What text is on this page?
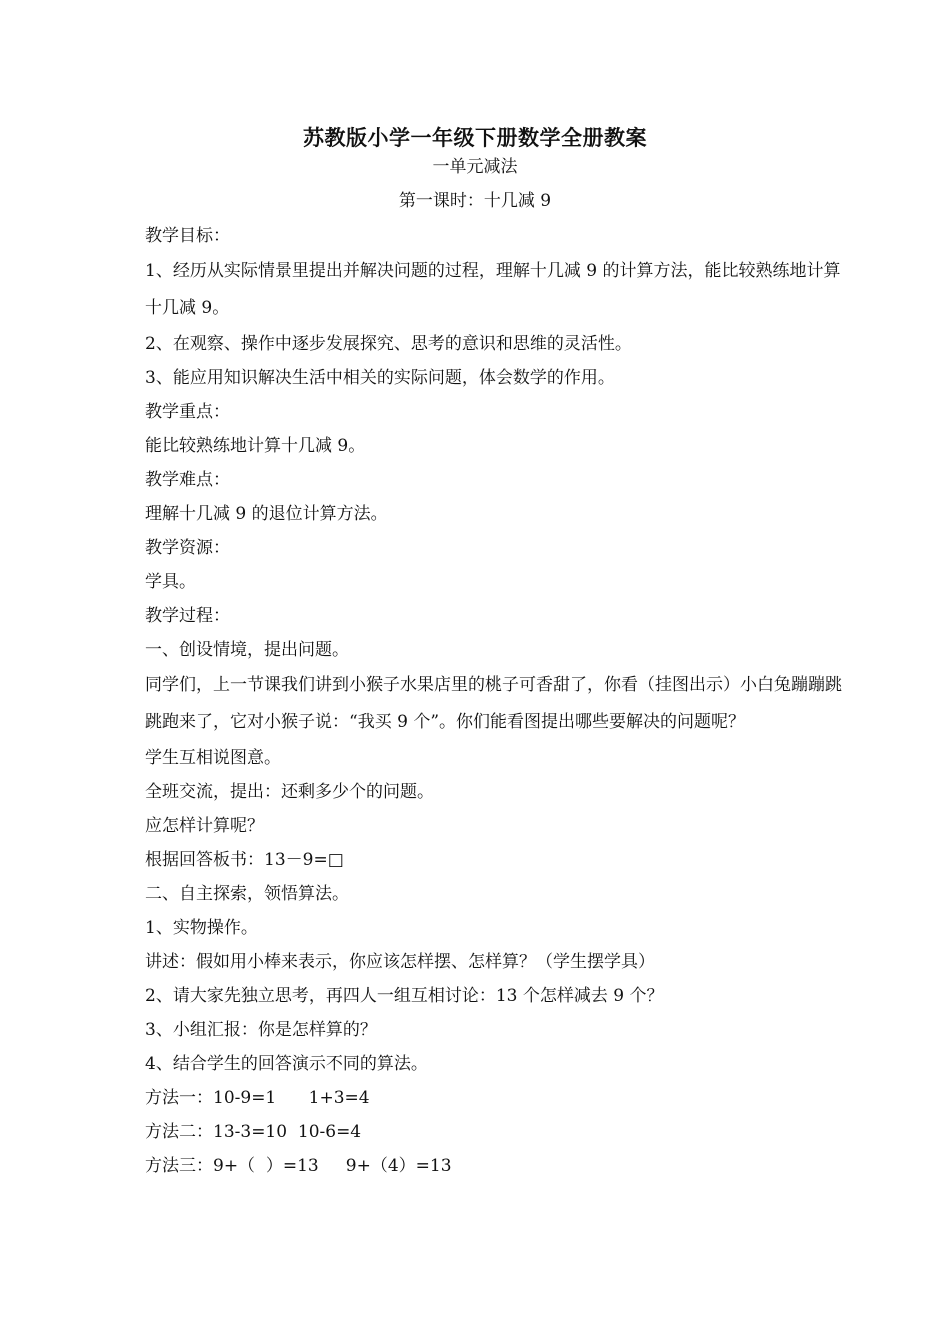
苏教版小学一年级下册数学全册教案
一单元减法
第一课时：十几减 9

教学目标：

1、经历从实际情景里提出并解决问题的过程，理解十几减 9 的计算方法，能比较熟练地计算十几减 9。

2、在观察、操作中逐步发展探究、思考的意识和思维的灵活性。

3、能应用知识解决生活中相关的实际问题，体会数学的作用。

教学重点：

能比较熟练地计算十几减 9。

教学难点：

理解十几减 9 的退位计算方法。

教学资源：

学具。

教学过程：

一、创设情境，提出问题。

同学们，上一节课我们讲到小猴子水果店里的桃子可香甜了，你看（挂图出示）小白兔蹦蹦跳跳跑来了，它对小猴子说：“我买 9 个”。你们能看图提出哪些要解决的问题呢？

学生互相说图意。

全班交流，提出：还剩多少个的问题。

应怎样计算呢？

根据回答板书：13－9=□

二、自主探索，领悟算法。

1、实物操作。

讲述：假如用小棒来表示，你应该怎样摆、怎样算？（学生摆学具）

2、请大家先独立思考，再四人一组互相讨论：13 个怎样减去 9 个？

3、小组汇报：你是怎样算的？

4、结合学生的回答演示不同的算法。

方法一：10-9=1      1+3=4

方法二：13-3=10  10-6=4

方法三：9+（  ）=13     9+（4）=13
